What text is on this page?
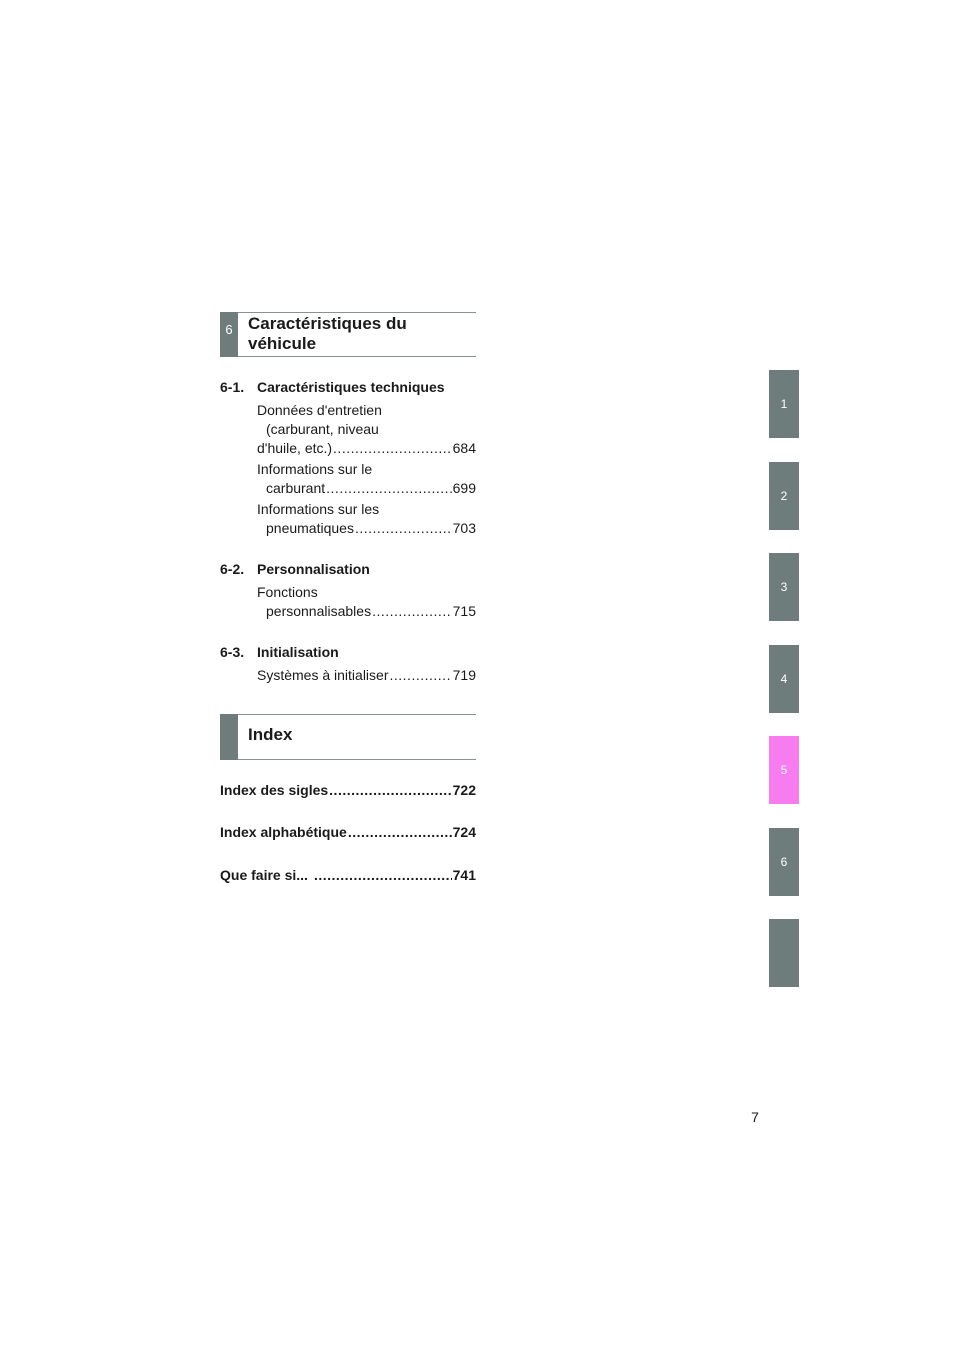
6 Caractéristiques du
véhicule
6-1. Caractéristiques techniques
Données d'entretien
(carburant, niveau
d'huile, etc.) .....	684
Informations sur le
carburant .....	699
Informations sur les
pneumatiques .....	703
6-2. Personnalisation
Fonctions
personnalisables .....	715
6-3. Initialisation
Systèmes à initialiser .....	719
Index
Index des sigles .....	722
Index alphabétique .....	724
Que faire si... .....	741
1
2
3
4
5
6
7
